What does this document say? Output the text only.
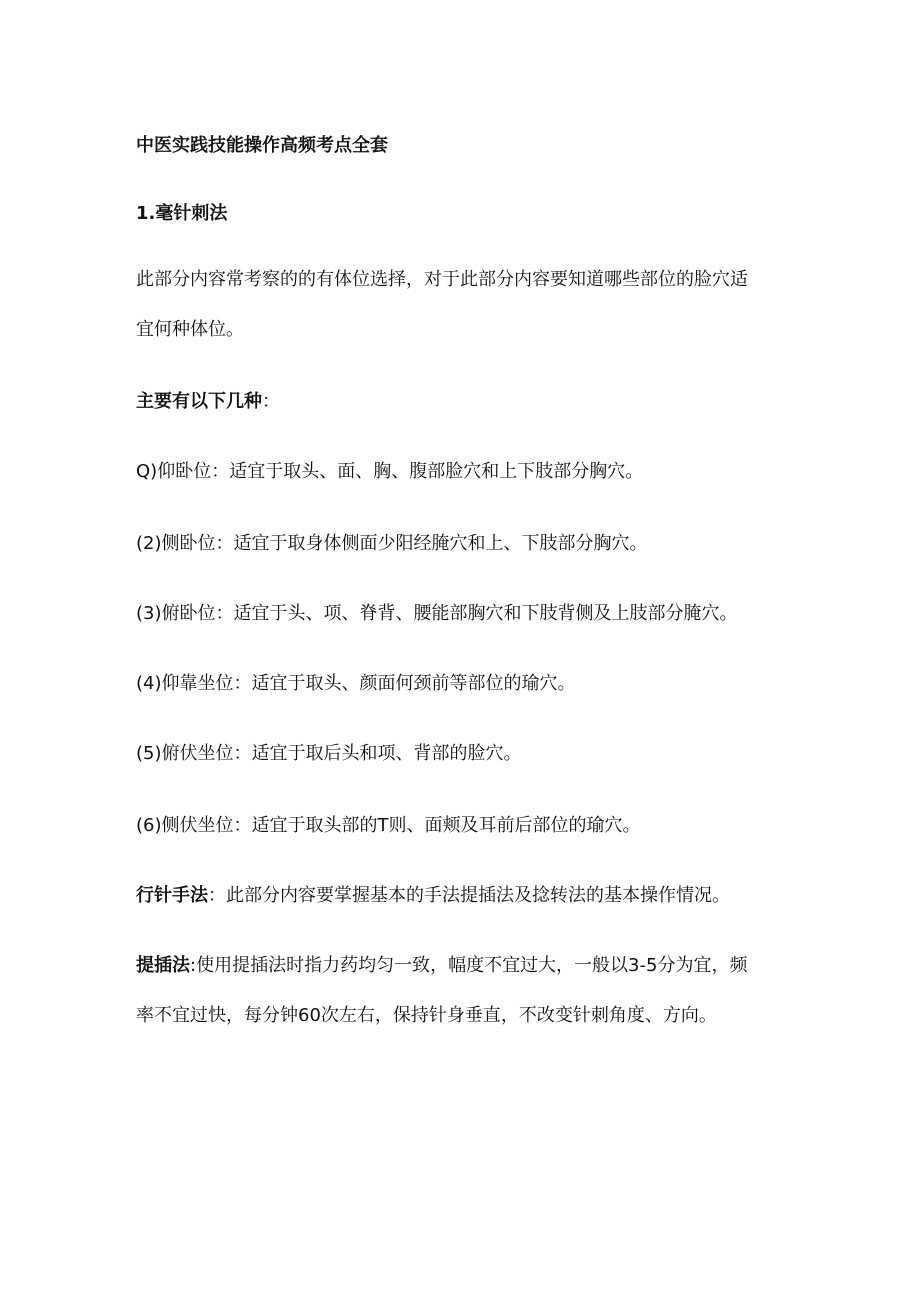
中医实践技能操作高频考点全套

1.毫针刺法

此部分内容常考察的的有体位选择，对于此部分内容要知道哪些部位的脸穴适

宜何种体位。

主要有以下几种：

Q)仰卧位：适宜于取头、面、胸、腹部脸穴和上下肢部分胸穴。

(2)侧卧位：适宜于取身体侧面少阳经腌穴和上、下肢部分胸穴。

(3)俯卧位：适宜于头、项、脊背、腰能部胸穴和下肢背侧及上肢部分腌穴。

(4)仰靠坐位：适宜于取头、颜面何颈前等部位的瑜穴。

(5)俯伏坐位：适宜于取后头和项、背部的脸穴。

(6)侧伏坐位：适宜于取头部的T则、面颊及耳前后部位的瑜穴。

行针手法：此部分内容要掌握基本的手法提插法及捻转法的基本操作情况。

提插法:使用提插法时指力药均匀一致，幅度不宜过大，一般以3-5分为宜，频

率不宜过快，每分钟60次左右，保持针身垂直，不改变针刺角度、方向。
